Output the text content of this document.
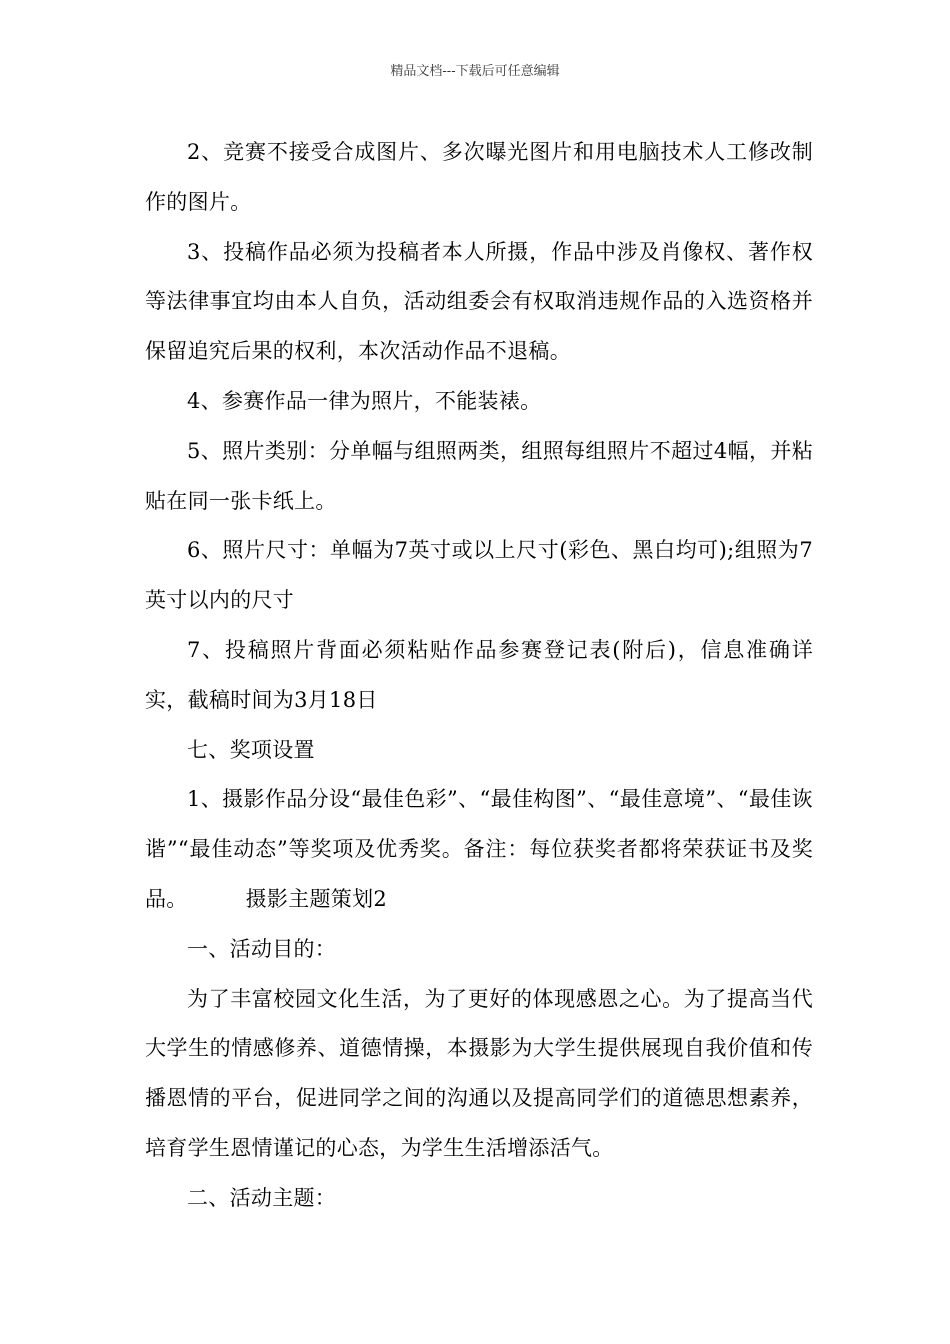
精品文档---下载后可任意编辑

2、竞赛不接受合成图片、多次曝光图片和用电脑技术人工修改制作的图片。

3、投稿作品必须为投稿者本人所摄，作品中涉及肖像权、著作权等法律事宜均由本人自负，活动组委会有权取消违规作品的入选资格并保留追究后果的权利，本次活动作品不退稿。

4、参赛作品一律为照片，不能装裱。

5、照片类别：分单幅与组照两类，组照每组照片不超过4幅，并粘贴在同一张卡纸上。

6、照片尺寸：单幅为7英寸或以上尺寸(彩色、黑白均可);组照为7英寸以内的尺寸

7、投稿照片背面必须粘贴作品参赛登记表(附后)，信息准确详实，截稿时间为3月18日

七、奖项设置

1、摄影作品分设“最佳色彩”、“最佳构图”、“最佳意境”、“最佳诙谐”“最佳动态”等奖项及优秀奖。备注：每位获奖者都将荣获证书及奖品。	摄影主题策划2

一、活动目的：

为了丰富校园文化生活，为了更好的体现感恩之心。为了提高当代大学生的情感修养、道德情操，本摄影为大学生提供展现自我价值和传播恩情的平台，促进同学之间的沟通以及提高同学们的道德思想素养，培育学生恩情谨记的心态，为学生生活增添活气。

二、活动主题：
